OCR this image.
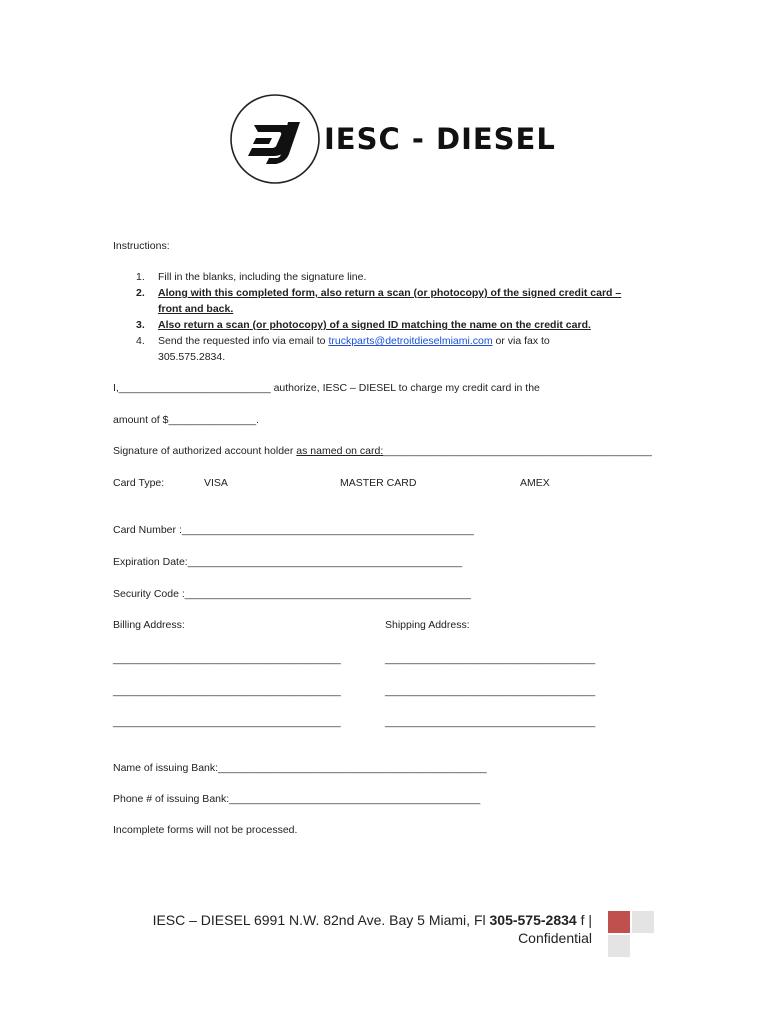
IESC - DIESEL
Instructions:
1. Fill in the blanks, including the signature line.
2. Along with this completed form, also return a scan (or photocopy) of the signed credit card –
front and back.
3. Also return a scan (or photocopy) of a signed ID matching the name on the credit card.
4. Send the requested info via email to truckparts@detroitdieselmiami.com or via fax to
305.575.2834.
I,__________________________ authorize, IESC – DIESEL to charge my credit card in the
amount of $_______________.
Signature of authorized account holder as named on card:______________________________________________
Card Type:	VISA	MASTER CARD	AMEX
Card Number :__________________________________________________
Expiration Date:_______________________________________________
Security Code :_________________________________________________
Billing Address:	Shipping Address:
_______________________________________	____________________________________
_______________________________________	____________________________________
_______________________________________	____________________________________
Name of issuing Bank:______________________________________________
Phone # of issuing Bank:___________________________________________
Incomplete forms will not be processed.
IESC – DIESEL 6991 N.W. 82nd Ave. Bay 5 Miami, Fl 305-575-2834 f |
Confidential
